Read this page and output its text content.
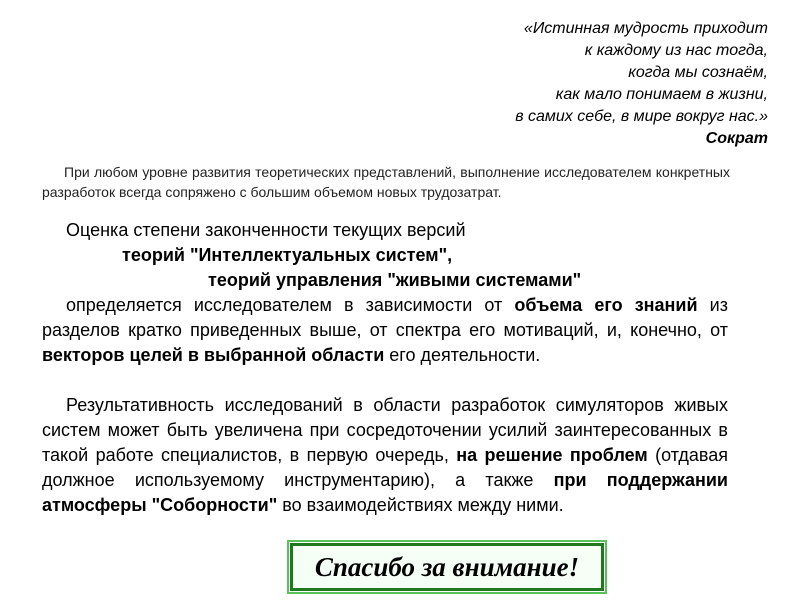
«Истинная мудрость приходит
к каждому из нас тогда,
когда мы сознаём,
как мало понимаем в жизни,
в самих себе, в мире вокруг нас.»
Сократ
При любом уровне развития теоретических представлений, выполнение исследователем конкретных разработок всегда сопряжено с большим объемом новых трудозатрат.
Оценка степени законченности текущих версий
теорий "Интеллектуальных систем",
теорий управления "живыми системами"

определяется исследователем в зависимости от объема его знаний из разделов кратко приведенных выше, от спектра его мотиваций, и, конечно, от векторов целей в выбранной области его деятельности.

Результативность исследований в области разработок симуляторов живых систем может быть увеличена при сосредоточении усилий заинтересованных в такой работе специалистов, в первую очередь, на решение проблем (отдавая должное используемому инструментарию), а также при поддержании атмосферы "Соборности" во взаимодействиях между ними.

Спасибо за внимание!
